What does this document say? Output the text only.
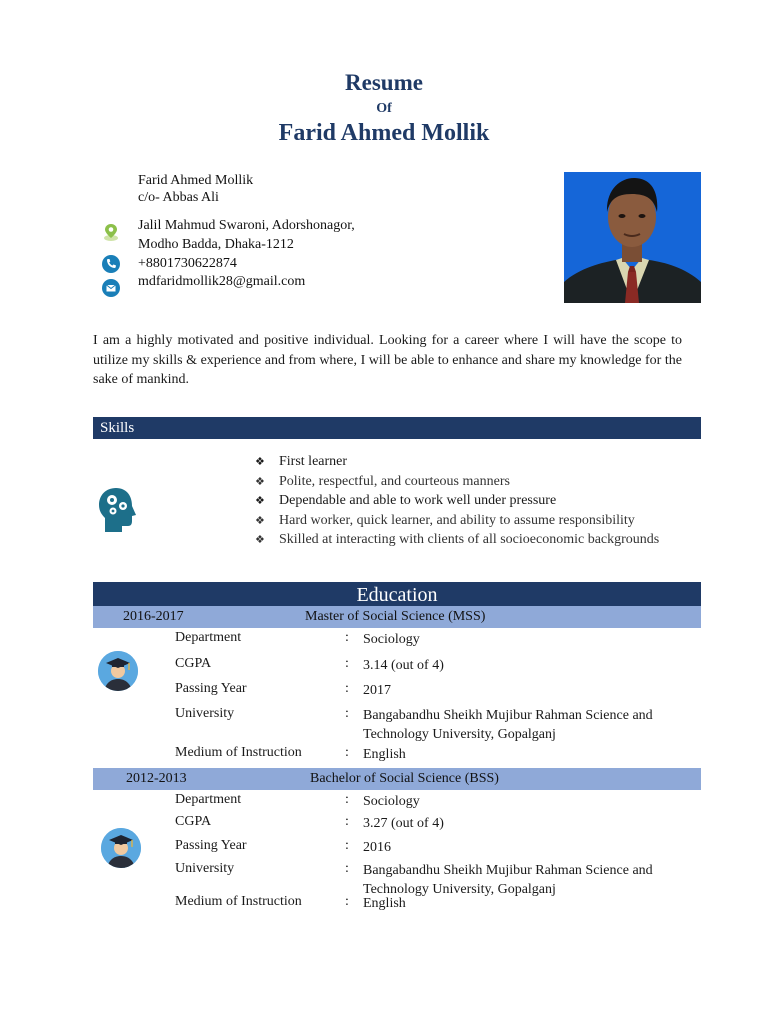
Resume
Of
Farid Ahmed Mollik
Farid Ahmed Mollik
c/o- Abbas Ali
Jalil Mahmud Swaroni, Adorshonagor,
Modho Badda, Dhaka-1212
+8801730622874
mdfaridmollik28@gmail.com
I am a highly motivated and positive individual. Looking for a career where I will have the scope to utilize my skills & experience and from where, I will be able to enhance and share my knowledge for the sake of mankind.
Skills
❖ First learner
❖ Polite, respectful, and courteous manners
❖ Dependable and able to work well under pressure
❖ Hard worker, quick learner, and ability to assume responsibility
❖ Skilled at interacting with clients of all socioeconomic backgrounds
Education
2016-2017	Master of Social Science (MSS)
Department	: Sociology
CGPA	: 3.14 (out of 4)
Passing Year	: 2017
University	: Bangabandhu Sheikh Mujibur Rahman Science and Technology University, Gopalganj
Medium of Instruction	: English
2012-2013	Bachelor of Social Science (BSS)
Department	: Sociology
CGPA	: 3.27 (out of 4)
Passing Year	: 2016
University	: Bangabandhu Sheikh Mujibur Rahman Science and Technology University, Gopalganj
Medium of Instruction	: English
